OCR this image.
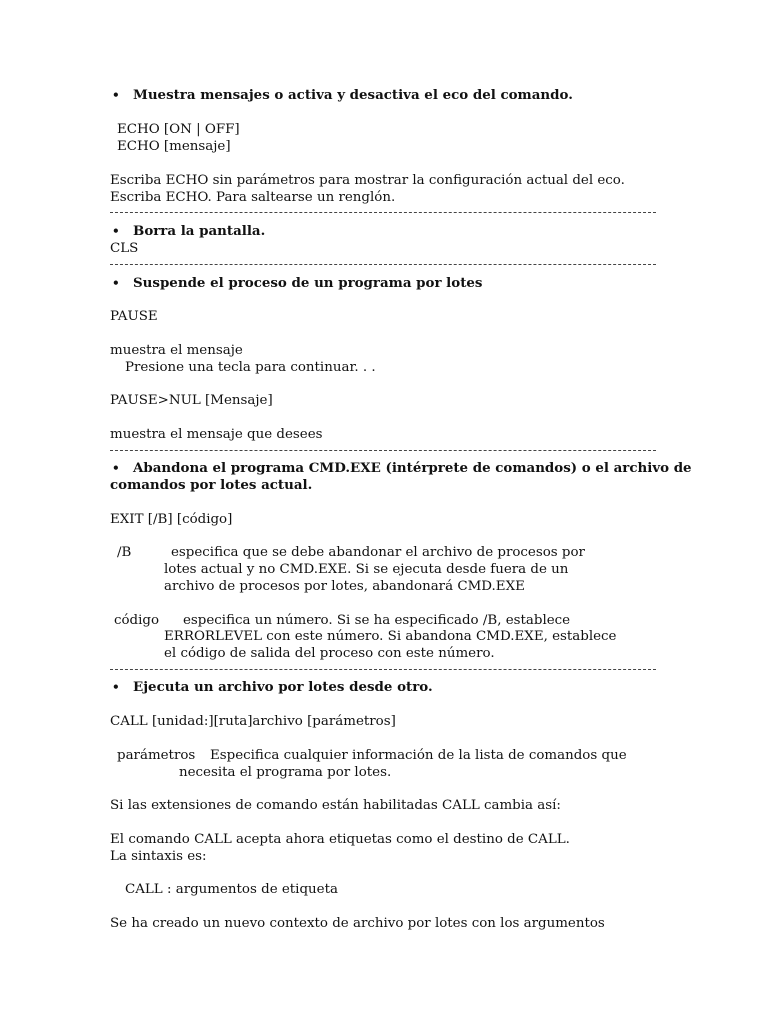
• Muestra mensajes o activa y desactiva el eco del comando.
ECHO [ON | OFF]
ECHO [mensaje]
Escriba ECHO sin parámetros para mostrar la configuración actual del eco.
Escriba ECHO. Para saltearse un renglón.
• Borra la pantalla.
CLS
• Suspende el proceso de un programa por lotes
PAUSE
muestra el mensaje
Presione una tecla para continuar. . .
PAUSE>NUL [Mensaje]
muestra el mensaje que desees
• Abandona el programa CMD.EXE (intérprete de comandos) o el archivo de
comandos por lotes actual.
EXIT [/B] [código]
/B	especifica que se debe abandonar el archivo de procesos por
lotes actual y no CMD.EXE. Si se ejecuta desde fuera de un
archivo de procesos por lotes, abandonará CMD.EXE
código especifica un número. Si se ha especificado /B, establece
ERRORLEVEL con este número. Si abandona CMD.EXE, establece
el código de salida del proceso con este número.
• Ejecuta un archivo por lotes desde otro.
CALL [unidad:][ruta]archivo [parámetros]
parámetros Especifica cualquier información de la lista de comandos que
necesita el programa por lotes.
Si las extensiones de comando están habilitadas CALL cambia así:
El comando CALL acepta ahora etiquetas como el destino de CALL.
La sintaxis es:
CALL : argumentos de etiqueta
Se ha creado un nuevo contexto de archivo por lotes con los argumentos
